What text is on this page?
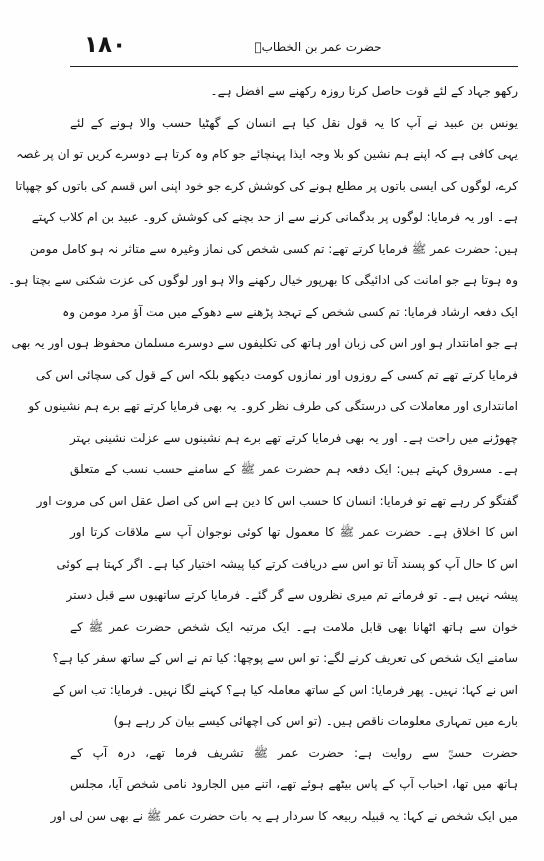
۱۸۰	حضرت عمر بن الخطابؓ
رکھو جہاد کے لئے قوت حاصل کرنا روزہ رکھنے سے افضل ہے۔
یونس بن عبید نے آپ کا یہ قول نقل کیا ہے انسان کے گھٹیا حسب والا ہونے کے لئے
یہی کافی ہے کہ اپنے ہم نشین کو بلا وجہ ایذا پہنچائے جو کام وہ کرتا ہے دوسرے کریں تو ان پر غصہ
کرے، لوگوں کی ایسی باتوں پر مطلع ہونے کی کوشش کرے جو خود اپنی اس قسم کی باتوں کو چھپاتا
ہے۔ اور یہ فرمایا: لوگوں پر بدگمانی کرنے سے از حد بچنے کی کوشش کرو۔ عبید بن ام کلاب کہتے
ہیں: حضرت عمر ﷺ فرمایا کرتے تھے: تم کسی شخص کی نماز وغیرہ سے متاثر نہ ہو کامل مومن
وہ ہوتا ہے جو امانت کی ادائیگی کا بھرپور خیال رکھنے والا ہو اور لوگوں کی عزت شکنی سے بچتا ہو۔
ایک دفعہ ارشاد فرمایا: تم کسی شخص کے تہجد پڑھنے سے دھوکے میں مت آؤ مرد مومن وہ
ہے جو امانتدار ہو اور اس کی زبان اور ہاتھ کی تکلیفوں سے دوسرے مسلمان محفوظ ہوں اور یہ بھی
فرمایا کرتے تھے تم کسی کے روزوں اور نمازوں کومت دیکھو بلکہ اس کے قول کی سچائی اس کی
امانتداری اور معاملات کی درستگی کی طرف نظر کرو۔ یہ بھی فرمایا کرتے تھے برے ہم نشینوں کو
چھوڑنے میں راحت ہے۔ اور یہ بھی فرمایا کرتے تھے برے ہم نشینوں سے عزلت نشینی بہتر
ہے۔ مسروق کہتے ہیں: ایک دفعہ ہم حضرت عمر ﷺ کے سامنے حسب نسب کے متعلق
گفتگو کر رہے تھے تو فرمایا: انسان کا حسب اس کا دین ہے اس کی اصل عقل اس کی مروت اور
اس کا اخلاق ہے۔ حضرت عمر ﷺ کا معمول تھا کوئی نوجوان آپ سے ملاقات کرتا اور
اس کا حال آپ کو پسند آتا تو اس سے دریافت کرتے کیا پیشہ اختیار کیا ہے۔ اگر کہتا ہے کوئی
پیشہ نہیں ہے۔ تو فرماتے تم میری نظروں سے گر گئے۔ فرمایا کرتے ساتھیوں سے قبل دستر
خوان سے ہاتھ اٹھانا بھی قابل ملامت ہے۔ ایک مرتبہ ایک شخص حضرت عمر ﷺ کے
سامنے ایک شخص کی تعریف کرنے لگے: تو اس سے پوچھا: کیا تم نے اس کے ساتھ سفر کیا ہے؟
اس نے کہا: نہیں۔ پھر فرمایا: اس کے ساتھ معاملہ کیا ہے؟ کہنے لگا نہیں۔ فرمایا: تب اس کے
بارے میں تمہاری معلومات ناقص ہیں۔ (تو اس کی اچھائی کیسے بیان کر رہے ہو)
حضرت حسنؓ سے روایت ہے: حضرت عمر ﷺ تشریف فرما تھے، درہ آپ کے
ہاتھ میں تھا، احباب آپ کے پاس بیٹھے ہوئے تھے، اتنے میں الجارود نامی شخص آیا، مجلس
میں ایک شخص نے کہا: یہ قبیلہ ربیعہ کا سردار ہے یہ بات حضرت عمر ﷺ نے بھی سن لی اور
